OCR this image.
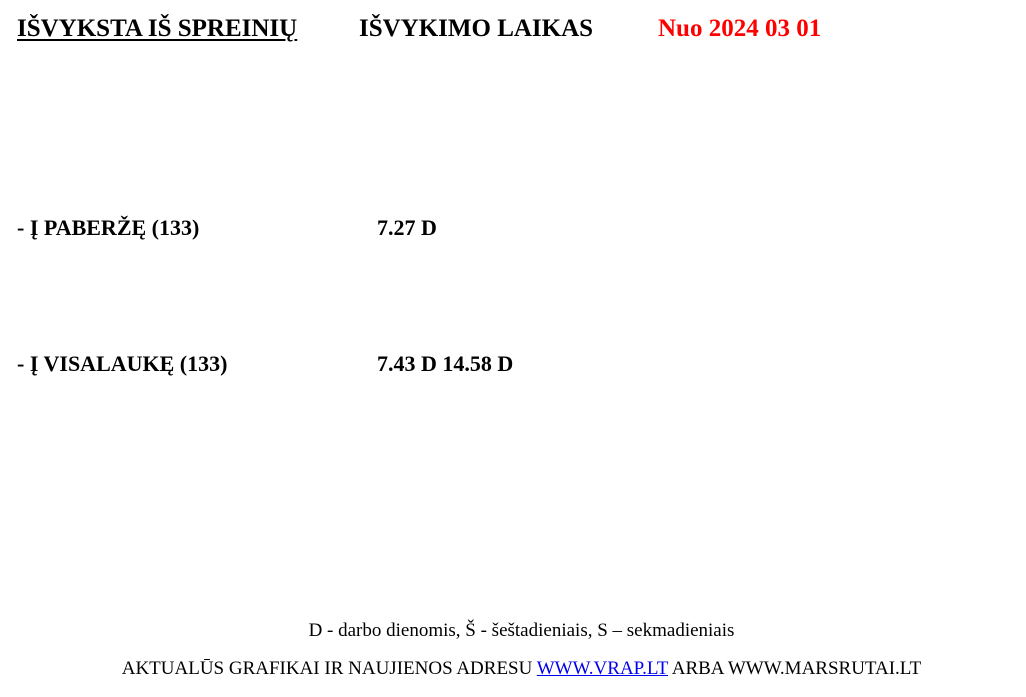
IŠVYKSTA IŠ SPREINIŲ IŠVYKIMO LAIKAS	Nuo 2024 03 01
- Į PABERŽĘ (133)	7.27 D
- Į VISALAUKĘ (133)	7.43 D 14.58 D
D - darbo dienomis, Š - šeštadieniais, S – sekmadieniais
AKTUALŪS GRAFIKAI IR NAUJIENOS ADRESU WWW.VRAP.LT ARBA WWW.MARSRUTAI.LT
